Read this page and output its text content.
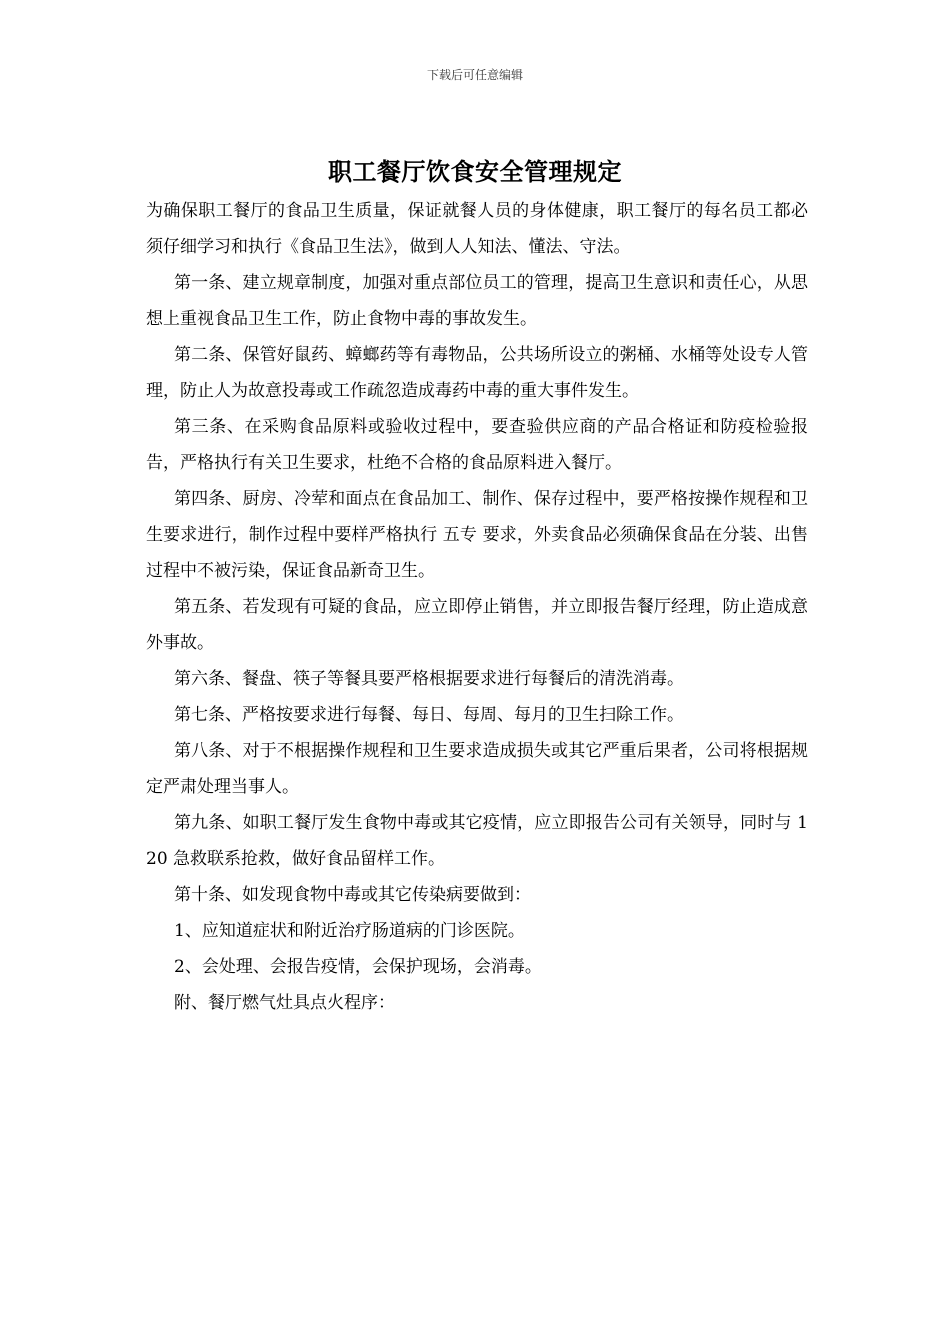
下载后可任意编辑
职工餐厅饮食安全管理规定

为确保职工餐厅的食品卫生质量，保证就餐人员的身体健康，职工餐厅的每名员工都必须仔细学习和执行《食品卫生法》，做到人人知法、懂法、守法。

第一条、建立规章制度，加强对重点部位员工的管理，提高卫生意识和责任心，从思想上重视食品卫生工作，防止食物中毒的事故发生。

第二条、保管好鼠药、蟑螂药等有毒物品，公共场所设立的粥桶、水桶等处设专人管理，防止人为故意投毒或工作疏忽造成毒药中毒的重大事件发生。

第三条、在采购食品原料或验收过程中，要查验供应商的产品合格证和防疫检验报告，严格执行有关卫生要求，杜绝不合格的食品原料进入餐厅。

第四条、厨房、冷荤和面点在食品加工、制作、保存过程中，要严格按操作规程和卫生要求进行，制作过程中要样严格执行 五专 要求，外卖食品必须确保食品在分装、出售过程中不被污染，保证食品新奇卫生。

第五条、若发现有可疑的食品，应立即停止销售，并立即报告餐厅经理，防止造成意外事故。

第六条、餐盘、筷子等餐具要严格根据要求进行每餐后的清洗消毒。

第七条、严格按要求进行每餐、每日、每周、每月的卫生扫除工作。

第八条、对于不根据操作规程和卫生要求造成损失或其它严重后果者，公司将根据规定严肃处理当事人。

第九条、如职工餐厅发生食物中毒或其它疫情，应立即报告公司有关领导，同时与 120 急救联系抢救，做好食品留样工作。

第十条、如发现食物中毒或其它传染病要做到：

1、应知道症状和附近治疗肠道病的门诊医院。

2、会处理、会报告疫情，会保护现场，会消毒。

附、餐厅燃气灶具点火程序：
